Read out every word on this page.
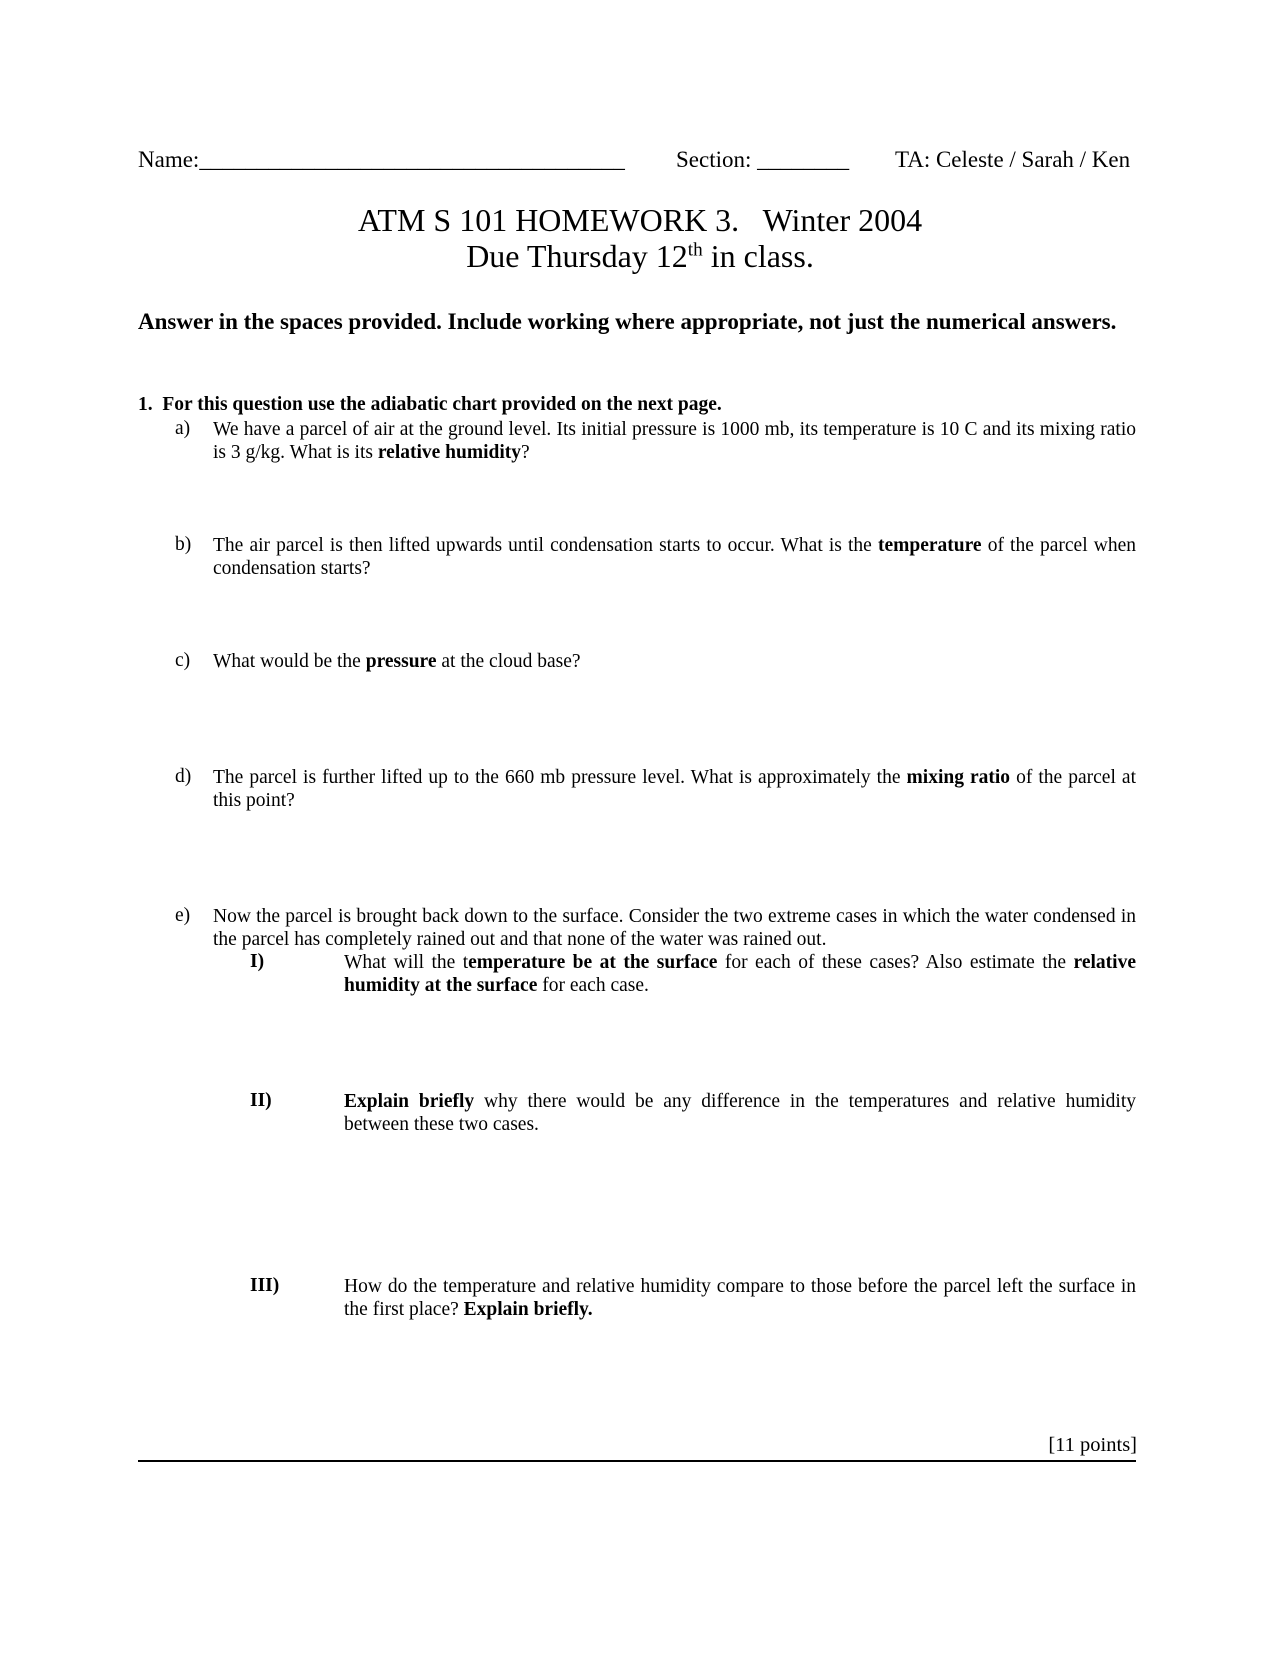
Name:_____________________________________ Section: ________ TA: Celeste / Sarah / Ken
ATM S 101 HOMEWORK 3.   Winter 2004
Due Thursday 12th in class.
Answer in the spaces provided. Include working where appropriate, not just the numerical answers.
1.  For this question use the adiabatic chart provided on the next page.
a) We have a parcel of air at the ground level. Its initial pressure is 1000 mb, its temperature is 10 C and its mixing ratio is 3 g/kg. What is its relative humidity?
b) The air parcel is then lifted upwards until condensation starts to occur. What is the temperature of the parcel when condensation starts?
c) What would be the pressure at the cloud base?
d) The parcel is further lifted up to the 660 mb pressure level. What is approximately the mixing ratio of the parcel at this point?
e) Now the parcel is brought back down to the surface. Consider the two extreme cases in which the water condensed in the parcel has completely rained out and that none of the water was rained out.
I)	What will the temperature be at the surface for each of these cases? Also estimate the relative humidity at the surface for each case.
II)	Explain briefly why there would be any difference in the temperatures and relative humidity between these two cases.
III)	How do the temperature and relative humidity compare to those before the parcel left the surface in the first place? Explain briefly.
[11 points]
